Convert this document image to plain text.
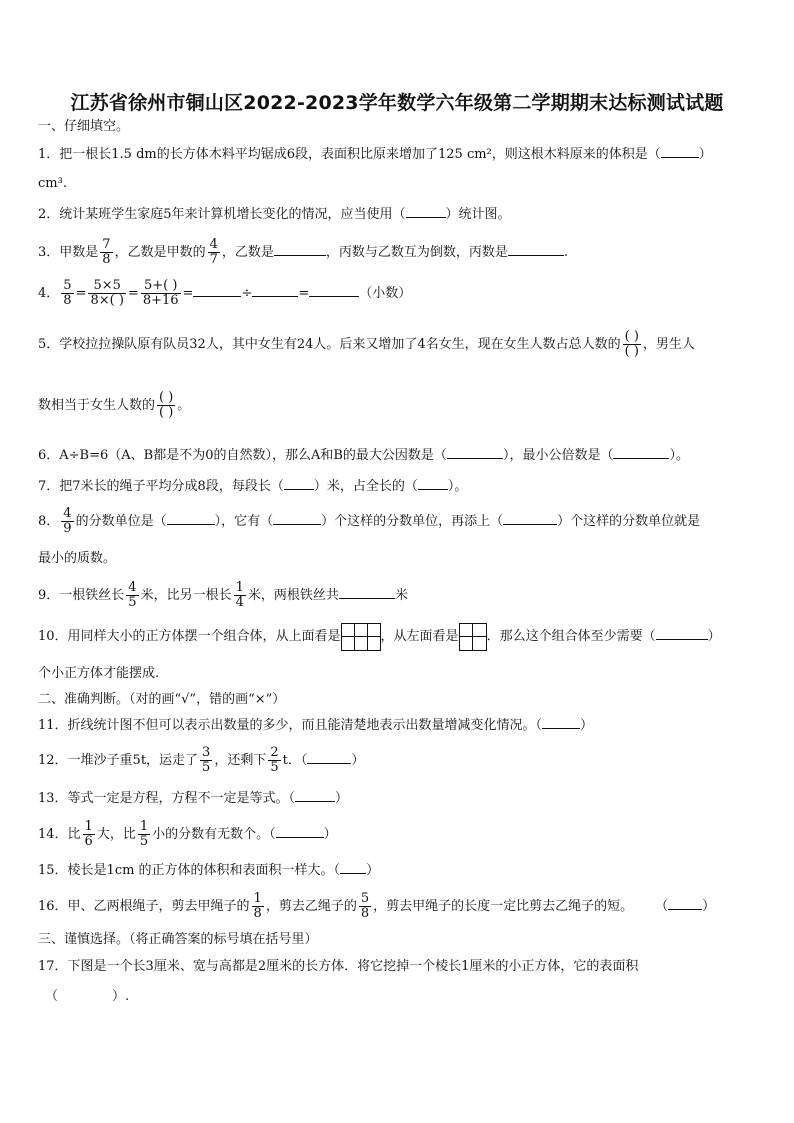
江苏省徐州市铜山区2022-2023学年数学六年级第二学期期末达标测试试题
一、仔细填空。
1．把一根长1.5 dm的长方体木料平均锯成6段，表面积比原来增加了125 cm²，则这根木料原来的体积是（	）
cm³.
2．统计某班学生家庭5年来计算机增长变化的情况，应当使用（	）统计图。
3．甲数是 $\frac{7}{8}$ ，乙数是甲数的 $\frac{4}{7}$ ，乙数是	，丙数与乙数互为倒数，丙数是	.
4． $\frac{5}{8} = \frac{5\times 5}{8\times( )} = \frac{5+( )}{8+16}$ =	÷	=	（小数）
5．学校拉拉操队原有队员32人，其中女生有24人。后来又增加了4名女生，现在女生人数占总人数的 $\frac{( )}{( )}$ ，男生人
数相当于女生人数的 $\frac{( )}{( )}$ 。
6．A÷B=6（A、B都是不为0的自然数），那么A和B的最大公因数是（	），最小公倍数是（	）。
7．把7米长的绳子平均分成8段，每段长（ ）米，占全长的（ ）。
8． $\frac{4}{9}$ 的分数单位是（	），它有（	）个这样的分数单位，再添上（	）个这样的分数单位就是
最小的质数。
9．一根铁丝长 $\frac{4}{5}$ 米，比另一根长 $\frac{1}{4}$ 米，两根铁丝共	米
10．用同样大小的正方体摆一个组合体，从上面看是	，从左面看是 ．那么这个组合体至少需要（	）
个小正方体才能摆成.
二、准确判断。（对的画“√”，错的画“×”）
11．折线统计图不但可以表示出数量的多少，而且能清楚地表示出数量增减变化情况。（	）
12．一堆沙子重5t，运走了 $\frac{3}{5}$ ，还剩下 $\frac{2}{5}$ t．（	）
13．等式一定是方程，方程不一定是等式。（	）
14．比 $\frac{1}{6}$ 大，比 $\frac{1}{5}$ 小的分数有无数个。（	）
15．棱长是1cm 的正方体的体积和表面积一样大。（ ）
16．甲、乙两根绳子，剪去甲绳子的 $\frac{1}{8}$ ，剪去乙绳子的 $\frac{5}{8}$ ，剪去甲绳子的长度一定比剪去乙绳子的短。 （	）
三、谨慎选择。（将正确答案的标号填在括号里）
17．下图是一个长3厘米、宽与高都是2厘米的长方体．将它挖掉一个棱长1厘米的小正方体，它的表面积
（	）.
